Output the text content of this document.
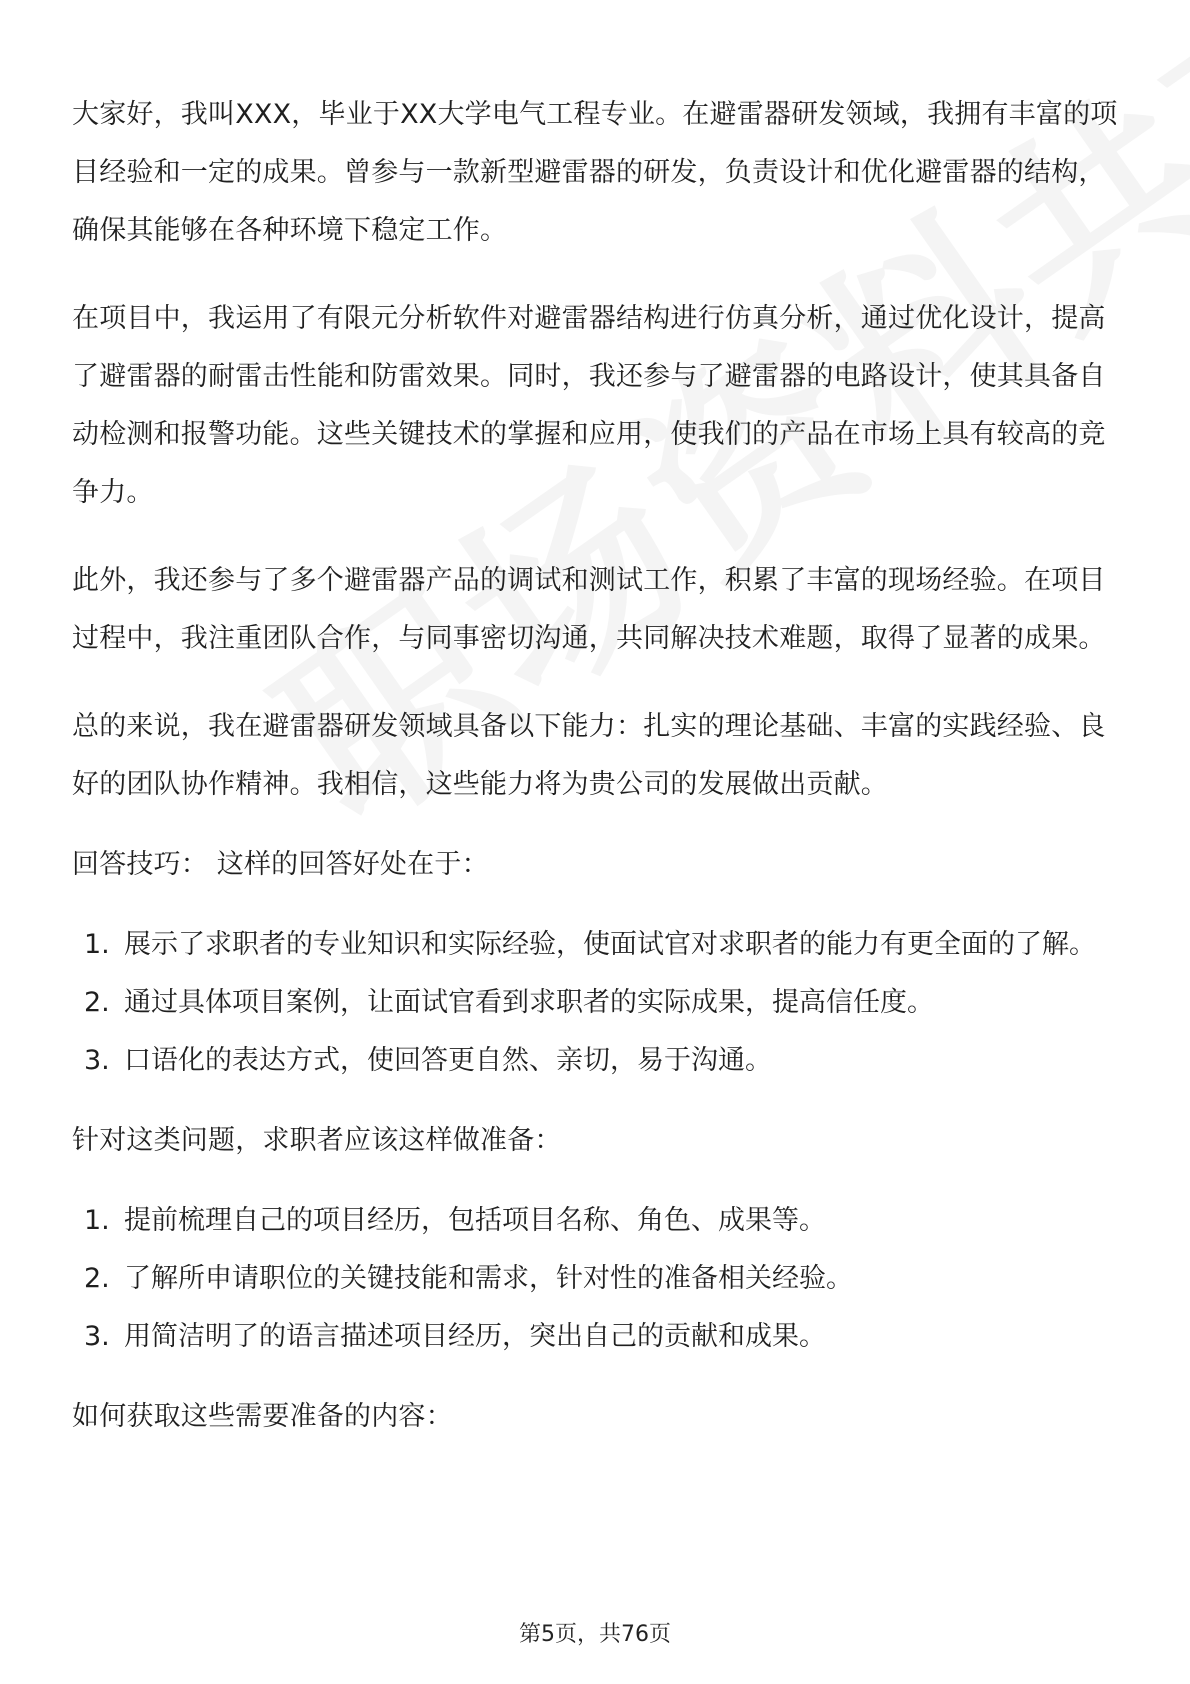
大家好，我叫XXX，毕业于XX大学电气工程专业。在避雷器研发领域，我拥有丰富的项目经验和一定的成果。曾参与一款新型避雷器的研发，负责设计和优化避雷器的结构，确保其能够在各种环境下稳定工作。

在项目中，我运用了有限元分析软件对避雷器结构进行仿真分析，通过优化设计，提高了避雷器的耐雷击性能和防雷效果。同时，我还参与了避雷器的电路设计，使其具备自动检测和报警功能。这些关键技术的掌握和应用，使我们的产品在市场上具有较高的竞争力。

此外，我还参与了多个避雷器产品的调试和测试工作，积累了丰富的现场经验。在项目过程中，我注重团队合作，与同事密切沟通，共同解决技术难题，取得了显著的成果。

总的来说，我在避雷器研发领域具备以下能力：扎实的理论基础、丰富的实践经验、良好的团队协作精神。我相信，这些能力将为贵公司的发展做出贡献。

回答技巧： 这样的回答好处在于：

1. 展示了求职者的专业知识和实际经验，使面试官对求职者的能力有更全面的了解。
2. 通过具体项目案例，让面试官看到求职者的实际成果，提高信任度。
3. 口语化的表达方式，使回答更自然、亲切，易于沟通。

针对这类问题，求职者应该这样做准备：

1. 提前梳理自己的项目经历，包括项目名称、角色、成果等。
2. 了解所申请职位的关键技能和需求，针对性的准备相关经验。
3. 用简洁明了的语言描述项目经历，突出自己的贡献和成果。

如何获取这些需要准备的内容：

第5页，共76页
